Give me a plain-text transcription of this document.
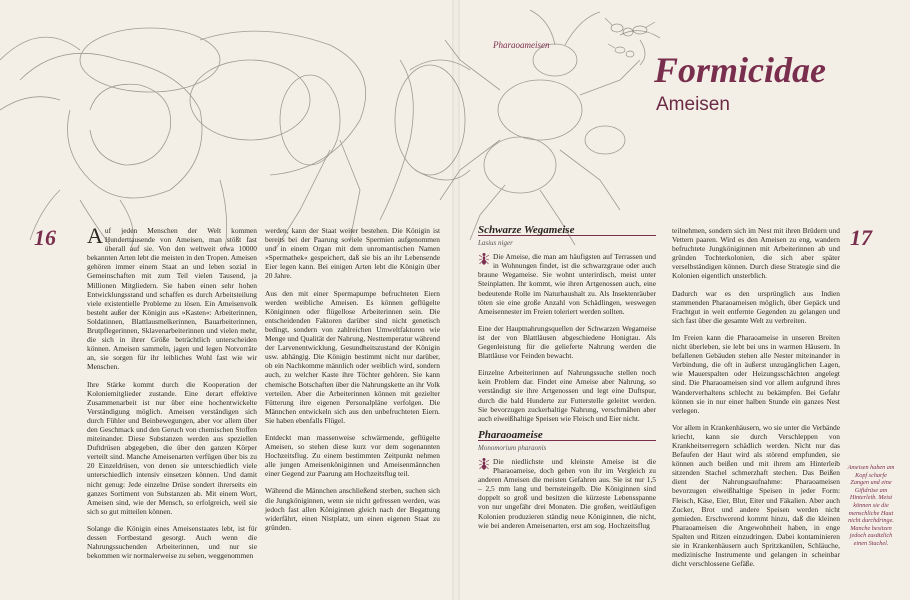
16	17
Pharaoameisen
Formicidae
Ameisen

Auf jeden Menschen der Welt kommen Hunderttausende von Ameisen, man stößt fast überall auf sie. Von den weltweit etwa 10000 bekannten Arten lebt die meisten in den Tropen. Ameisen gehören immer einem Staat an und leben sozial in Gemeinschaften mit zum Teil vielen Tausend, ja Millionen Mitgliedern. Sie haben einen sehr hohen Entwicklungsstand und schaffen es durch Arbeitsteilung viele existentielle Probleme zu lösen. Ein Ameisenvolk besteht außer der Königin aus »Kasten«: Arbeiterinnen, Soldatinnen, Blattlausmelkerinnen, Bauarbeiterinnen, Brutpflegerinnen, Sklavenarbeiterinnen und vielen mehr, die sich in ihrer Größe beträchtlich unterscheiden können. Ameisen sammeln, jagen und legen Notvorräte an, sie sorgen für ihr leibliches Wohl fast wie wir Menschen.

Ihre Stärke kommt durch die Kooperation der Koloniemitglieder zustande. Eine derart effektive Zusammenarbeit ist nur über eine hochentwickelte Verständigung möglich. Ameisen verständigen sich durch Fühler und Beinbewegungen, aber vor allem über den Geschmack und den Geruch von chemischen Stoffen miteinander. Diese Substanzen werden aus speziellen Duftdrüsen abgegeben, die über den ganzen Körper verteilt sind. Manche Ameisenarten verfügen über bis zu 20 Einzeldrüsen, von denen sie unterschiedlich viele unterschiedlich intensiv einsetzen können. Und damit nicht genug: Jede einzelne Drüse sondert ihrerseits ein ganzes Sortiment von Substanzen ab. Mit einem Wort, Ameisen sind, wie der Mensch, so erfolgreich, weil sie sich so gut mitteilen können.

Solange die Königin eines Ameisenstaates lebt, ist für dessen Fortbestand gesorgt. Auch wenn die Nahrungssuchenden Arbeiterinnen, und nur sie bekommen wir normalerweise zu sehen, weggenommen

werden, kann der Staat weiter bestehen. Die Königin ist bereits bei der Paarung soviele Spermien aufgenommen und in einem Organ mit dem unromantischen Namen »Spermathek« gespeichert, daß sie bis an ihr Lebensende Eier legen kann. Bei einigen Arten lebt die Königin über 20 Jahre.

Aus den mit einer Spermapumpe befruchteten Eiern werden weibliche Ameisen. Es können geflügelte Königinnen oder flügellose Arbeiterinnen sein. Die entscheidenden Faktoren darüber sind nicht genetisch bedingt, sondern von zahlreichen Umweltfaktoren wie Menge und Qualität der Nahrung, Nesttemperatur während der Larvenentwicklung, Gesundheitszustand der Königin usw. abhängig. Die Königin bestimmt nicht nur darüber, ob ein Nachkomme männlich oder weiblich wird, sondern auch, zu welcher Kaste ihre Töchter gehören. Sie kann chemische Botschaften über die Nahrungskette an ihr Volk verteilen. Aber die Arbeiterinnen können mit gezielter Fütterung ihre eigenen Personalpläne verfolgen. Die Männchen entwickeln sich aus den unbefruchteten Eiern. Sie haben ebenfalls Flügel.

Entdeckt man massenweise schwärmende, geflügelte Ameisen, so stehen diese kurz vor dem sogenannten Hochzeitsflug. Zu einem bestimmten Zeitpunkt nehmen alle jungen Ameisenköniginnen und Ameisenmännchen einer Gegend zur Paarung am Hochzeitsflug teil.

Während die Männchen anschließend sterben, suchen sich die Jungköniginnen, wenn sie nicht gefressen werden, was jedoch fast allen Königinnen gleich nach der Begattung widerfährt, einen Nistplatz, um einen eigenen Staat zu gründen.

Schwarze Wegameise
Lasius niger

Die Ameise, die man am häufigsten auf Terrassen und in Wohnungen findet, ist die schwarzgraue oder auch braune Wegameise. Sie wohnt unterirdisch, meist unter Steinplatten. Ihr kommt, wie ihren Artgenossen auch, eine bedeutende Rolle im Naturhaushalt zu. Als Insektenräuber töten sie eine große Anzahl von Schädlingen, weswegen Ameisennester im Freien toleriert werden sollten.

Eine der Hauptnahrungsquellen der Schwarzen Wegameise ist der von Blattläusen abgeschiedene Honigtau. Als Gegenleistung für die gelieferte Nahrung werden die Blattläuse vor Feinden bewacht.

Einzelne Arbeiterinnen auf Nahrungssuche stellen noch kein Problem dar. Findet eine Ameise aber Nahrung, so verständigt sie ihre Artgenossen und legt eine Duftspur, durch die bald Hunderte zur Futterstelle geleitet werden. Sie bevorzugen zuckerhaltige Nahrung, verschmähen aber auch eiweißhaltige Speisen wie Fleisch und Eier nicht.

Pharaoameise
Monomorium pharaonis

Die niedlichste und kleinste Ameise ist die Pharaoameise, doch gehen von ihr im Vergleich zu anderen Ameisen die meisten Gefahren aus. Sie ist nur 1,5 – 2,5 mm lang und bernsteingelb. Die Königinnen sind doppelt so groß und besitzen die kürzeste Lebensspanne von nur ungefähr drei Monaten. Die großen, weitläufigen Kolonien produzieren ständig neue Königinnen, die nicht, wie bei anderen Ameisenarten, erst am sog. Hochzeitsflug

teilnehmen, sondern sich im Nest mit ihren Brüdern und Vettern paaren. Wird es den Ameisen zu eng, wandern befruchtete Jungköniginnen mit Arbeiterinnen ab und gründen Tochterkolonien, die sich aber später verselbständigen können. Durch diese Strategie sind die Kolonien eigentlich unsterblich.

Dadurch war es den ursprünglich aus Indien stammenden Pharaoameisen möglich, über Gepäck und Frachtgut in weit entfernte Gegenden zu gelangen und sich fast über die gesamte Welt zu verbreiten.

Im Freien kann die Pharaoameise in unseren Breiten nicht überleben, sie lebt bei uns in warmen Häusern. In befallenen Gebäuden stehen alle Nester miteinander in Verbindung, die oft in äußerst unzugänglichen Lagen, wie Mauerspalten oder Heizungsschächten angelegt sind. Die Pharaoameisen sind vor allem aufgrund ihres Wanderverhaltens schlecht zu bekämpfen. Bei Gefahr können sie in nur einer halben Stunde ein ganzes Nest verlegen.

Vor allem in Krankenhäusern, wo sie unter die Verbände kriecht, kann sie durch Verschleppen von Krankheitserregern schädlich werden. Nicht nur das Befaufen der Haut wird als störend empfunden, sie können auch beißen und mit ihrem am Hinterleib sitzenden Stachel schmerzhaft stechen. Das Beißen dient der Nahrungsaufnahme: Pharaoameisen bevorzugen eiweißhaltige Speisen in jeder Form: Fleisch, Käse, Eier, Blut, Eiter und Fäkalien. Aber auch Zucker, Brot und andere Speisen werden nicht gemieden. Erschwerend kommt hinzu, daß die kleinen Pharaoameisen die Angewohnheit haben, in enge Spalten und Ritzen einzudringen. Dabei kontaminieren sie in Krankenhäusern auch Spritzkanülen, Schläuche, medizinische Instrumente und gelangen in scheinbar dicht verschlossene Gefäße.

Ameisen haben am Kopf scharfe Zangen und eine Giftdrüse am Hinterleib. Meist können sie die menschliche Haut nicht durchdringe. Manche besitzen jedoch zusätzlich einen Stachel.
